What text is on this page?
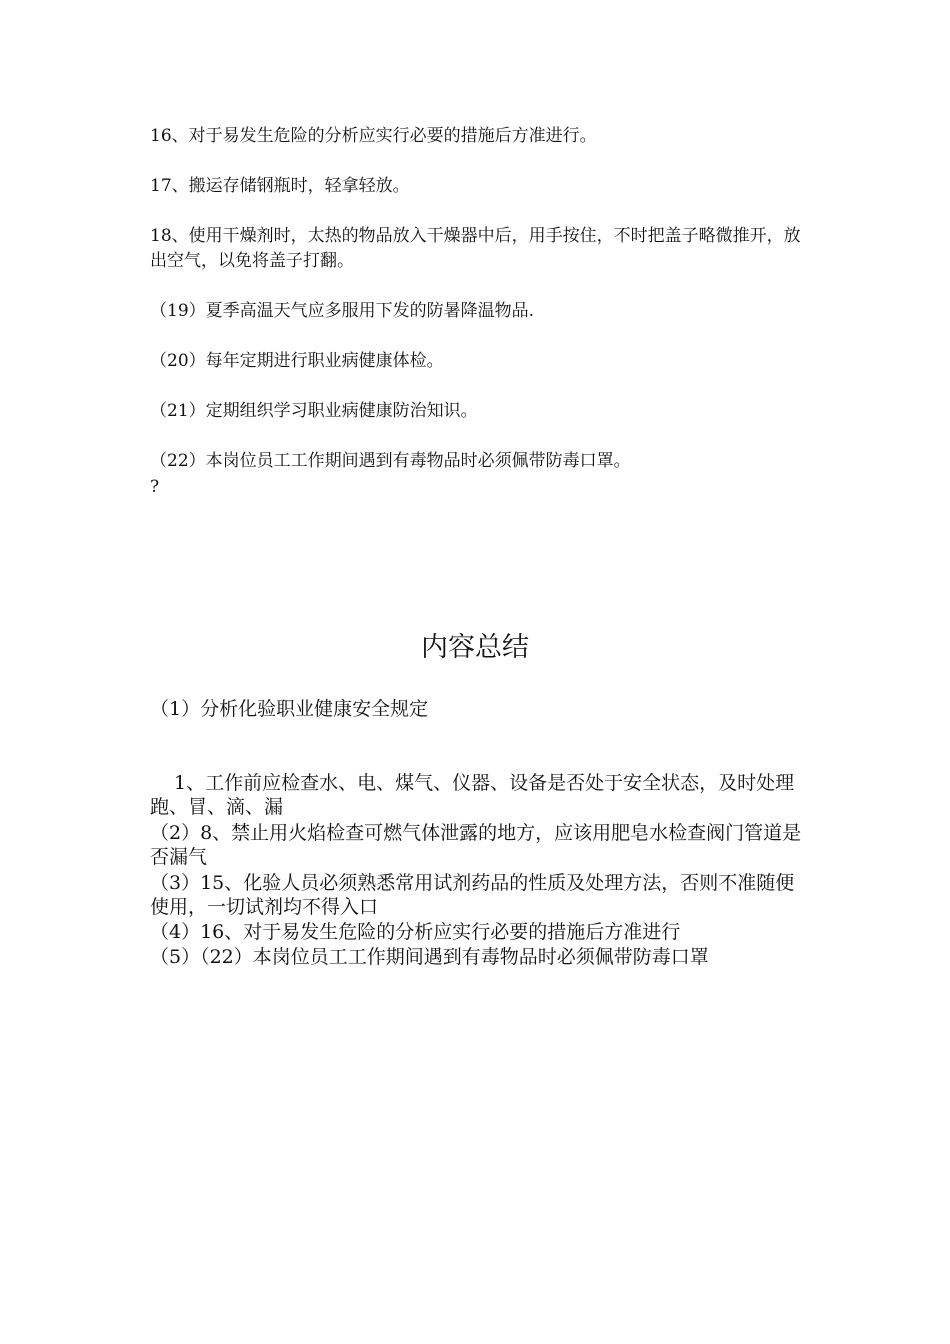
16、对于易发生危险的分析应实行必要的措施后方准进行。

17、搬运存储钢瓶时，轻拿轻放。

18、使用干燥剂时，太热的物品放入干燥器中后，用手按住，不时把盖子略微推开，放出空气，以免将盖子打翻。

（19）夏季高温天气应多服用下发的防暑降温物品.

（20）每年定期进行职业病健康体检。

（21）定期组织学习职业病健康防治知识。

（22）本岗位员工工作期间遇到有毒物品时必须佩带防毒口罩。

?
内容总结

（1）分析化验职业健康安全规定

1、工作前应检查水、电、煤气、仪器、设备是否处于安全状态，及时处理跑、冒、滴、漏

（2）8、禁止用火焰检查可燃气体泄露的地方，应该用肥皂水检查阀门管道是否漏气

（3）15、化验人员必须熟悉常用试剂药品的性质及处理方法，否则不准随便使用，一切试剂均不得入口

（4）16、对于易发生危险的分析应实行必要的措施后方准进行

（5）（22）本岗位员工工作期间遇到有毒物品时必须佩带防毒口罩
